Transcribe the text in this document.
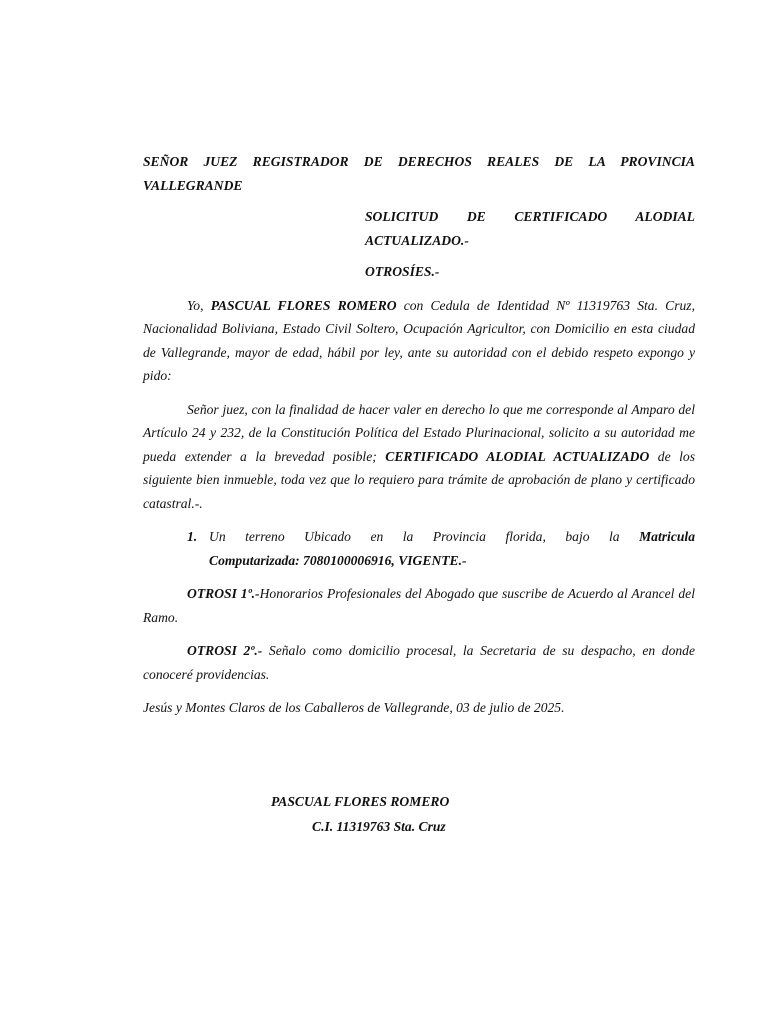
SEÑOR JUEZ REGISTRADOR DE DERECHOS REALES DE LA PROVINCIA
VALLEGRANDE
SOLICITUD DE CERTIFICADO ALODIAL
ACTUALIZADO.-
OTROSÍES.-

Yo, PASCUAL FLORES ROMERO con Cedula de Identidad Nº 11319763 Sta. Cruz, Nacionalidad Boliviana, Estado Civil Soltero, Ocupación Agricultor, con Domicilio en esta ciudad de Vallegrande, mayor de edad, hábil por ley, ante su autoridad con el debido respeto expongo y pido:

Señor juez, con la finalidad de hacer valer en derecho lo que me corresponde al Amparo del Artículo 24 y 232, de la Constitución Política del Estado Plurinacional, solicito a su autoridad me pueda extender a la brevedad posible; CERTIFICADO ALODIAL ACTUALIZADO de los siguiente bien inmueble, toda vez que lo requiero para trámite de aprobación de plano y certificado catastral.-.

1. Un terreno Ubicado en la Provincia florida, bajo la Matricula
Computarizada: 7080100006916, VIGENTE.-

OTROSI 1º.-Honorarios Profesionales del Abogado que suscribe de Acuerdo al Arancel del Ramo.

OTROSI 2º.- Señalo como domicilio procesal, la Secretaria de su despacho, en donde conoceré providencias.

Jesús y Montes Claros de los Caballeros de Vallegrande, 03 de julio de 2025.

PASCUAL FLORES ROMERO

C.I. 11319763 Sta. Cruz
